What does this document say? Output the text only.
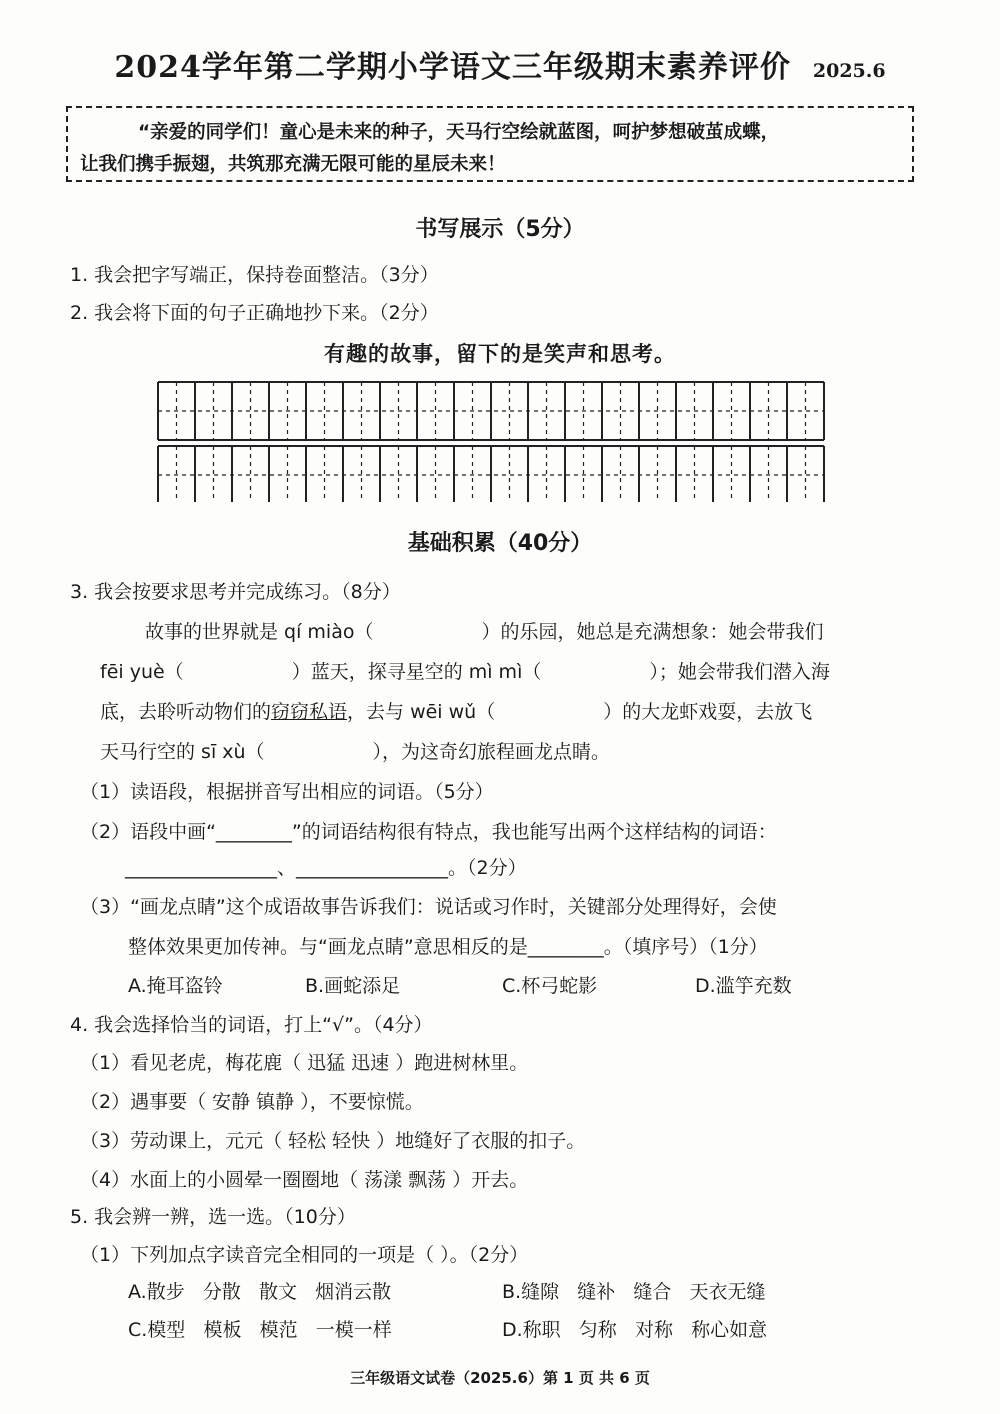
2024学年第二学期小学语文三年级期末素养评价 2025.6
“亲爱的同学们！童心是未来的种子，天马行空绘就蓝图，呵护梦想破茧成蝶，
让我们携手振翅，共筑那充满无限可能的星辰未来！
书写展示（5分）
1. 我会把字写端正，保持卷面整洁。（3分）
2. 我会将下面的句子正确地抄下来。（2分）
有趣的故事，留下的是笑声和思考。
基础积累（40分）
3. 我会按要求思考并完成练习。（8分）
故事的世界就是 qí miào（	）的乐园，她总是充满想象：她会带我们
fēi yuè（	）蓝天，探寻星空的 mì mì（	）；她会带我们潜入海
底，去聆听动物们的窃窃私语，去与 wēi wǔ（	）的大龙虾戏耍，去放飞
天马行空的 sī xù（	），为这奇幻旅程画龙点睛。
（1）读语段，根据拼音写出相应的词语。（5分）
（2）语段中画“________”的词语结构很有特点，我也能写出两个这样结构的词语：
________________、________________。（2分）
（3）“画龙点睛”这个成语故事告诉我们：说话或习作时，关键部分处理得好，会使
整体效果更加传神。与“画龙点睛”意思相反的是________。（填序号）（1分）
A.掩耳盗铃	B.画蛇添足	C.杯弓蛇影	D.滥竽充数
4. 我会选择恰当的词语，打上“√”。（4分）
（1）看见老虎，梅花鹿（ 迅猛 迅速 ）跑进树林里。
（2）遇事要（ 安静 镇静 ），不要惊慌。
（3）劳动课上，元元（ 轻松 轻快 ）地缝好了衣服的扣子。
（4）水面上的小圆晕一圈圈地（ 荡漾 飘荡 ）开去。
5. 我会辨一辨，选一选。（10分）
（1）下列加点字读音完全相同的一项是（ ）。（2分）
A.散步 分散 散文 烟消云散	B.缝隙 缝补 缝合 天衣无缝
C.模型 模板 模范 一模一样	D.称职 匀称 对称 称心如意
三年级语文试卷（2025.6）第 1 页 共 6 页
